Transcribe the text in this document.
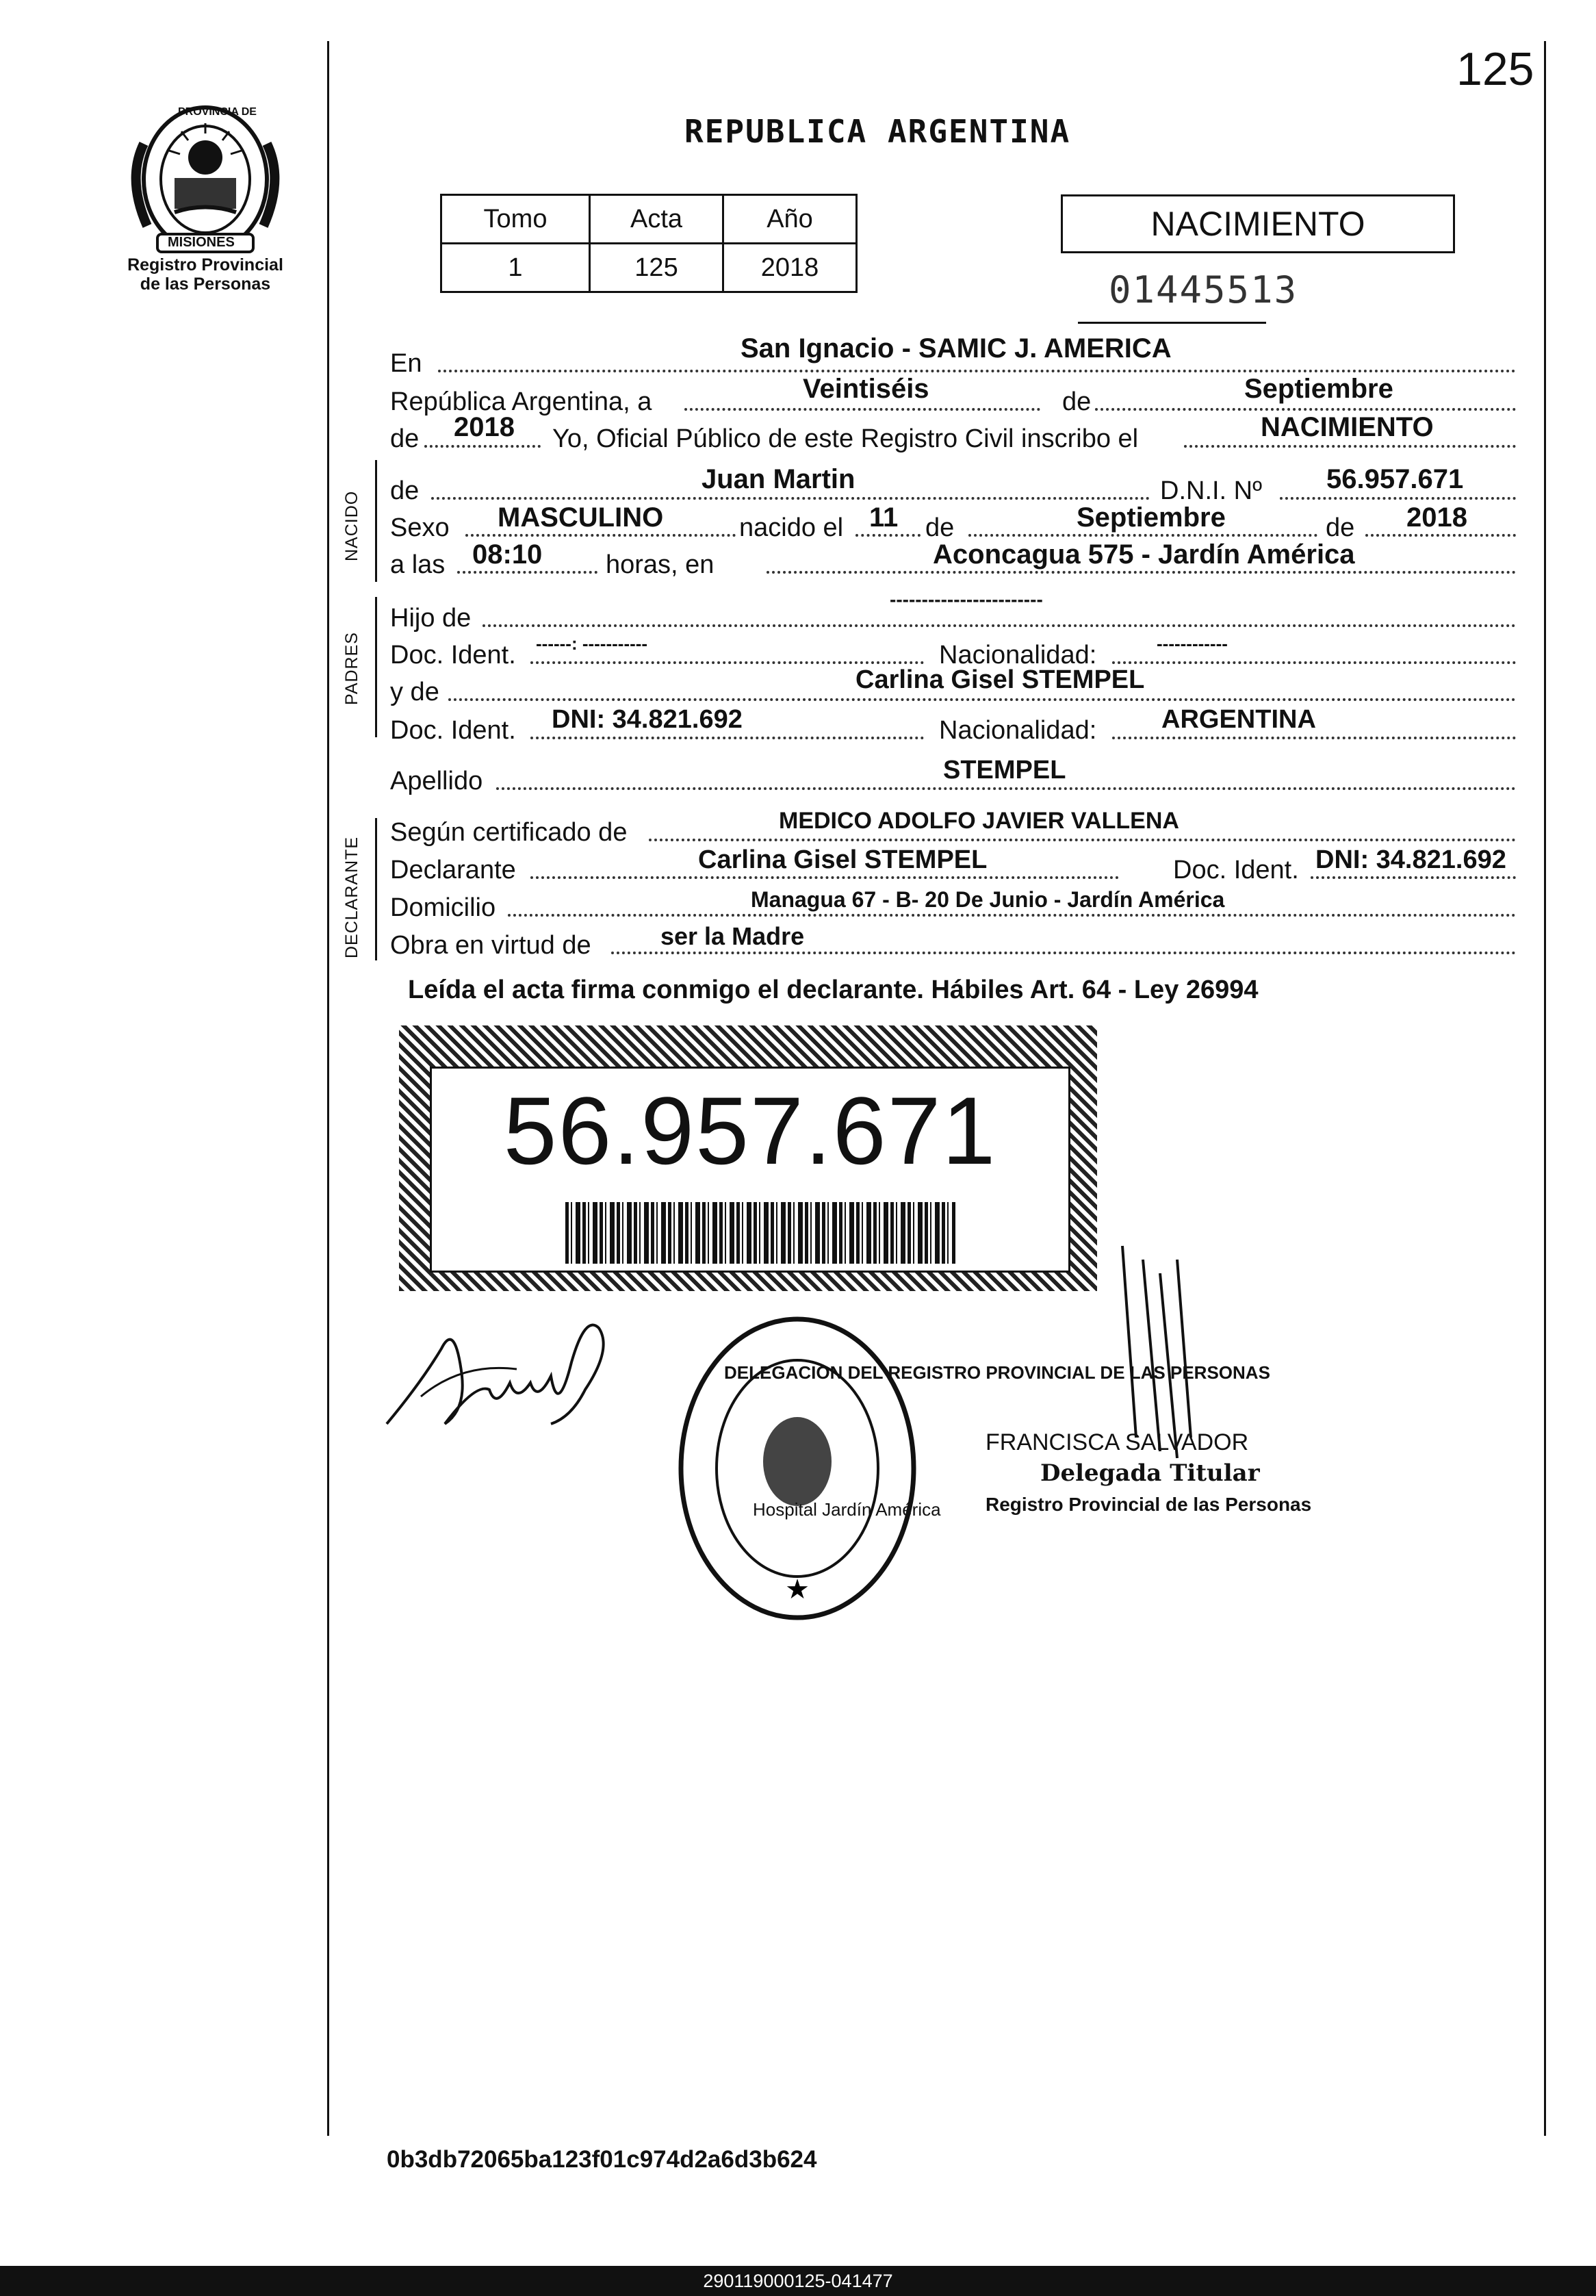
PROVINCIA DE
MISIONES
Registro Provincial
de las Personas
125
REPUBLICA ARGENTINA
Tomo	Acta	Año
1	125	2018
NACIMIENTO
01445513
En	San Ignacio - SAMIC J. AMERICA
República Argentina, a	Veintiséis	de	Septiembre
de 2018 Yo, Oficial Público de este Registro Civil inscribo el	NACIMIENTO
NACIDO de	Juan Martin	D.N.I. Nº 56.957.671
Sexo MASCULINO	nacido el 11 de	Septiembre	de 2018
a las 08:10 horas, en	Aconcagua 575 - Jardín América
PADRES
Hijo de
------------------------
Doc. Ident. ------: -----------	Nacionalidad:	------------
y de	Carlina Gisel STEMPEL
Doc. Ident. DNI: 34.821.692	Nacionalidad: ARGENTINA
Apellido	STEMPEL
DECLARANTE
Según certificado de	MEDICO ADOLFO JAVIER VALLENA
Declarante	Carlina Gisel STEMPEL	Doc. Ident. DNI: 34.821.692
Domicilio	Managua 67 - B- 20 De Junio - Jardín América
Obra en virtud de	ser la Madre
Leída el acta firma conmigo el declarante. Hábiles Art. 64 - Ley 26994
56.957.671
★
DELEGACION DEL REGISTRO PROVINCIAL DE LAS PERSONAS
Hospital Jardín América
FRANCISCA SALVADOR
Delegada Titular
Registro Provincial de las Personas
0b3db72065ba123f01c974d2a6d3b624
290119000125-041477
